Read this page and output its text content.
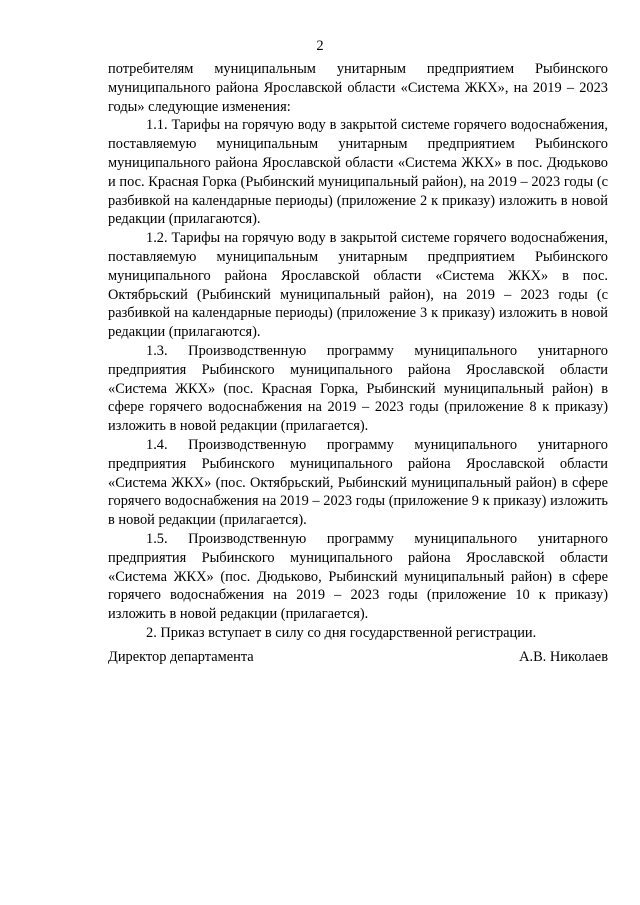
2

потребителям муниципальным унитарным предприятием Рыбинского муниципального района Ярославской области «Система ЖКХ», на 2019 – 2023 годы» следующие изменения:

1.1. Тарифы на горячую воду в закрытой системе горячего водоснабжения, поставляемую муниципальным унитарным предприятием Рыбинского муниципального района Ярославской области «Система ЖКХ» в пос. Дюдьково и пос. Красная Горка (Рыбинский муниципальный район), на 2019 – 2023 годы (с разбивкой на календарные периоды) (приложение 2 к приказу) изложить в новой редакции (прилагаются).

1.2. Тарифы на горячую воду в закрытой системе горячего водоснабжения, поставляемую муниципальным унитарным предприятием Рыбинского муниципального района Ярославской области «Система ЖКХ» в пос. Октябрьский (Рыбинский муниципальный район), на 2019 – 2023 годы (с разбивкой на календарные периоды) (приложение 3 к приказу) изложить в новой редакции (прилагаются).

1.3. Производственную программу муниципального унитарного предприятия Рыбинского муниципального района Ярославской области «Система ЖКХ» (пос. Красная Горка, Рыбинский муниципальный район) в сфере горячего водоснабжения на 2019 – 2023 годы (приложение 8 к приказу) изложить в новой редакции (прилагается).

1.4. Производственную программу муниципального унитарного предприятия Рыбинского муниципального района Ярославской области «Система ЖКХ» (пос. Октябрьский, Рыбинский муниципальный район) в сфере горячего водоснабжения на 2019 – 2023 годы (приложение 9 к приказу) изложить в новой редакции (прилагается).

1.5. Производственную программу муниципального унитарного предприятия Рыбинского муниципального района Ярославской области «Система ЖКХ» (пос. Дюдьково, Рыбинский муниципальный район) в сфере горячего водоснабжения на 2019 – 2023 годы (приложение 10 к приказу) изложить в новой редакции (прилагается).

2. Приказ вступает в силу со дня государственной регистрации.

Директор департамента	А.В. Николаев
